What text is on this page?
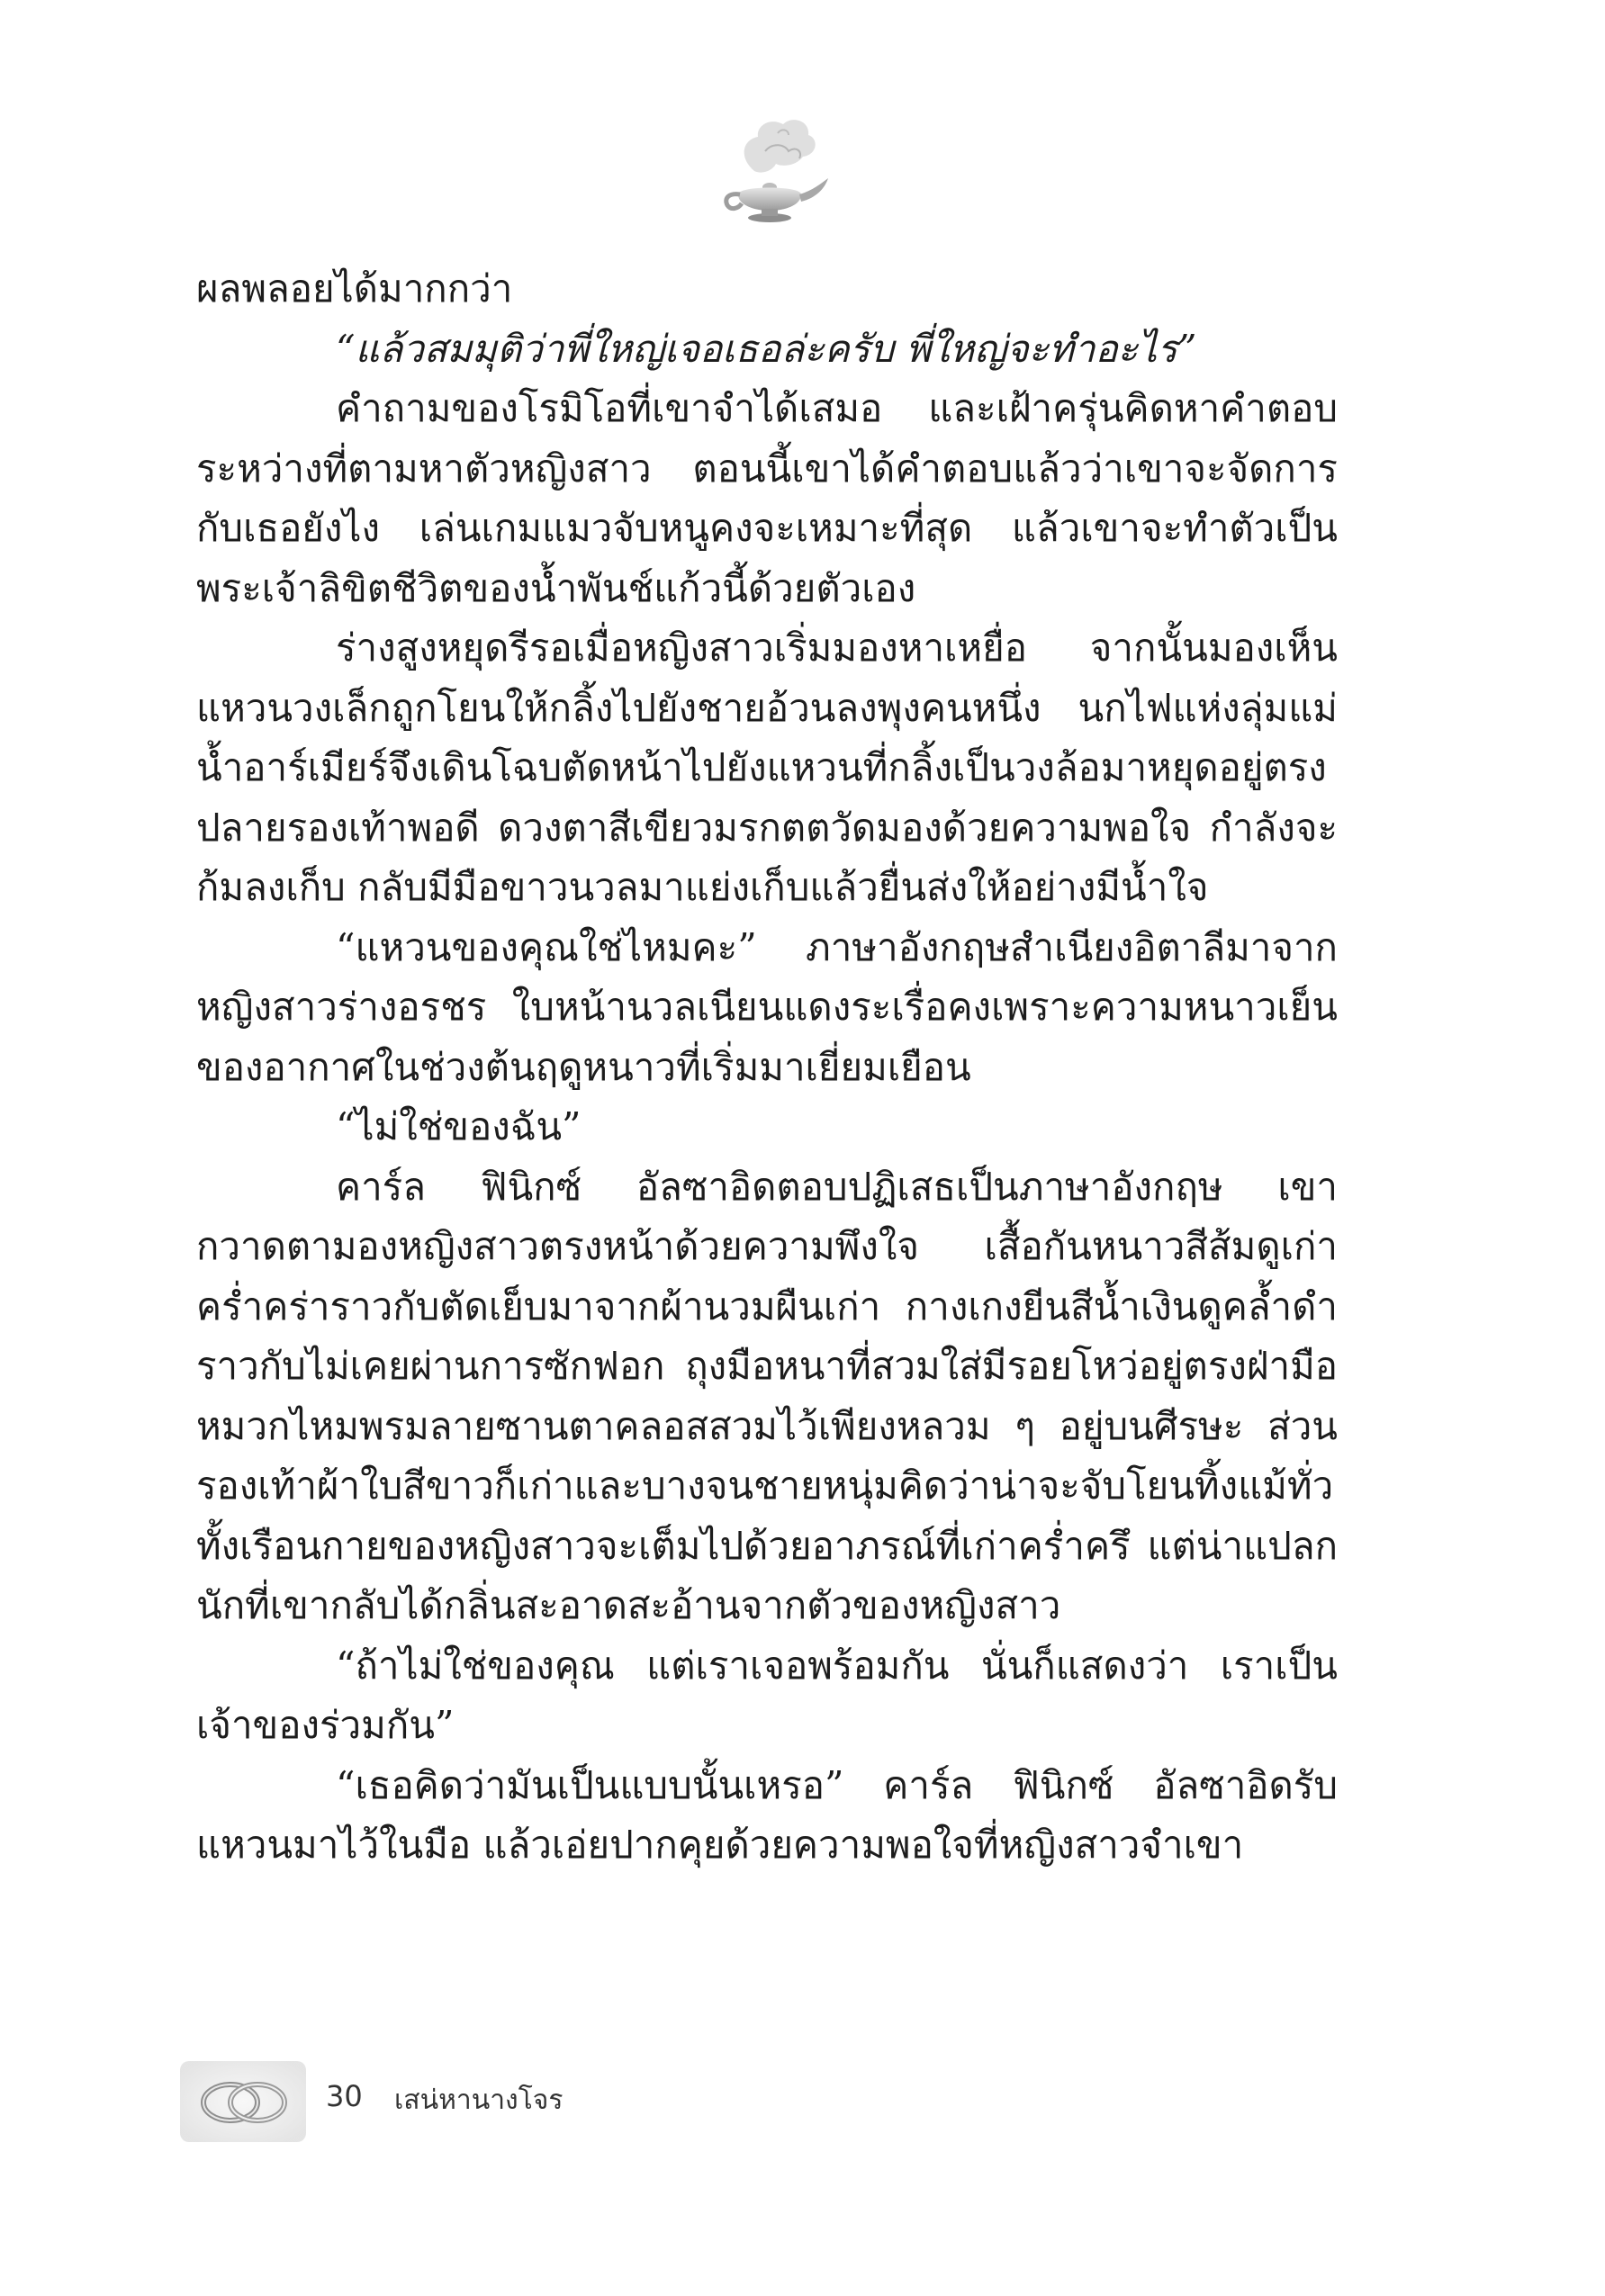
ผลพลอยได้มากกว่า

“แล้วสมมุติว่าพี่ใหญ่เจอเธอล่ะครับ พี่ใหญ่จะทำอะไร”

คำถามของโรมิโอที่เขาจำได้เสมอ และเฝ้าครุ่นคิดหาคำตอบระหว่างที่ตามหาตัวหญิงสาว ตอนนี้เขาได้คำตอบแล้วว่าเขาจะจัดการกับเธอยังไง เล่นเกมแมวจับหนูคงจะเหมาะที่สุด แล้วเขาจะทำตัวเป็นพระเจ้าลิขิตชีวิตของน้ำพันช์แก้วนี้ด้วยตัวเอง

ร่างสูงหยุดรีรอเมื่อหญิงสาวเริ่มมองหาเหยื่อ จากนั้นมองเห็นแหวนวงเล็กถูกโยนให้กลิ้งไปยังชายอ้วนลงพุงคนหนึ่ง นกไฟแห่งลุ่มแม่น้ำอาร์เมียร์จึงเดินโฉบตัดหน้าไปยังแหวนที่กลิ้งเป็นวงล้อมาหยุดอยู่ตรงปลายรองเท้าพอดี ดวงตาสีเขียวมรกตตวัดมองด้วยความพอใจ กำลังจะก้มลงเก็บ กลับมีมือขาวนวลมาแย่งเก็บแล้วยื่นส่งให้อย่างมีน้ำใจ

“แหวนของคุณใช่ไหมคะ” ภาษาอังกฤษสำเนียงอิตาลีมาจากหญิงสาวร่างอรชร ใบหน้านวลเนียนแดงระเรื่อคงเพราะความหนาวเย็นของอากาศในช่วงต้นฤดูหนาวที่เริ่มมาเยี่ยมเยือน

“ไม่ใช่ของฉัน”

คาร์ล ฟินิกซ์ อัลซาอิดตอบปฏิเสธเป็นภาษาอังกฤษ เขากวาดตามองหญิงสาวตรงหน้าด้วยความพึงใจ เสื้อกันหนาวสีส้มดูเก่าคร่ำคร่าราวกับตัดเย็บมาจากผ้านวมผืนเก่า กางเกงยีนสีน้ำเงินดูคล้ำดำราวกับไม่เคยผ่านการซักฟอก ถุงมือหนาที่สวมใส่มีรอยโหว่อยู่ตรงฝ่ามือหมวกไหมพรมลายซานตาคลอสสวมไว้เพียงหลวม ๆ อยู่บนศีรษะ ส่วนรองเท้าผ้าใบสีขาวก็เก่าและบางจนชายหนุ่มคิดว่าน่าจะจับโยนทิ้งแม้ทั่วทั้งเรือนกายของหญิงสาวจะเต็มไปด้วยอาภรณ์ที่เก่าคร่ำครึ แต่น่าแปลกนักที่เขากลับได้กลิ่นสะอาดสะอ้านจากตัวของหญิงสาว

“ถ้าไม่ใช่ของคุณ แต่เราเจอพร้อมกัน นั่นก็แสดงว่า เราเป็นเจ้าของร่วมกัน”

“เธอคิดว่ามันเป็นแบบนั้นเหรอ” คาร์ล ฟินิกซ์ อัลซาอิดรับแหวนมาไว้ในมือ แล้วเอ่ยปากคุยด้วยความพอใจที่หญิงสาวจำเขา

30 เสน่หานางโจร
